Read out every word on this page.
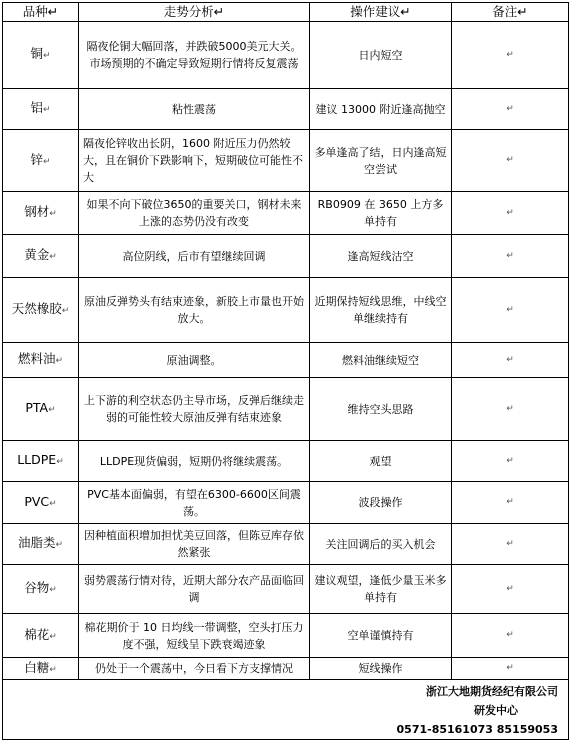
品种↵	走势分析↵	操作建议↵	备注↵
铜↵	隔夜伦铜大幅回落，并跌破5000美元大关。市场预期的不确定导致短期行情将反复震荡	日内短空	↵

铝↵	粘性震荡	建议 13000 附近逢高抛空	↵

锌↵	隔夜伦锌收出长阴，1600 附近压力仍然较大，且在铜价下跌影响下，短期破位可能性不大	多单逢高了结，日内逢高短空尝试	↵

钢材↵	如果不向下破位3650的重要关口，钢材未来上涨的态势仍没有改变	RB0909 在 3650 上方多单持有	↵

黄金↵	高位阴线，后市有望继续回调	逢高短线沽空	↵

天然橡胶↵	原油反弹势头有结束迹象，新胶上市量也开始放大。	近期保持短线思维，中线空单继续持有	↵

燃料油↵	原油调整。	燃料油继续短空	↵

PTA↵	上下游的利空状态仍主导市场，反弹后继续走弱的可能性较大原油反弹有结束迹象	维持空头思路	↵

LLDPE↵	LLDPE现货偏弱，短期仍将继续震荡。	观望	↵

PVC↵	PVC基本面偏弱，有望在6300-6600区间震荡。	波段操作	↵

油脂类↵	因种植面积增加担忧美豆回落，但陈豆库存依然紧张	关注回调后的买入机会	↵

谷物↵	弱势震荡行情对待，近期大部分农产品面临回调	建议观望，逢低少量玉米多单持有	↵

棉花↵	棉花期价于 10 日均线一带调整，空头打压力度不强，短线呈下跌衰竭迹象	空单谨慎持有	↵

白糖↵	仍处于一个震荡中，今日看下方支撑情况	短线操作	↵

浙江大地期货经纪有限公司
研发中心
0571-85161073 85159053			
